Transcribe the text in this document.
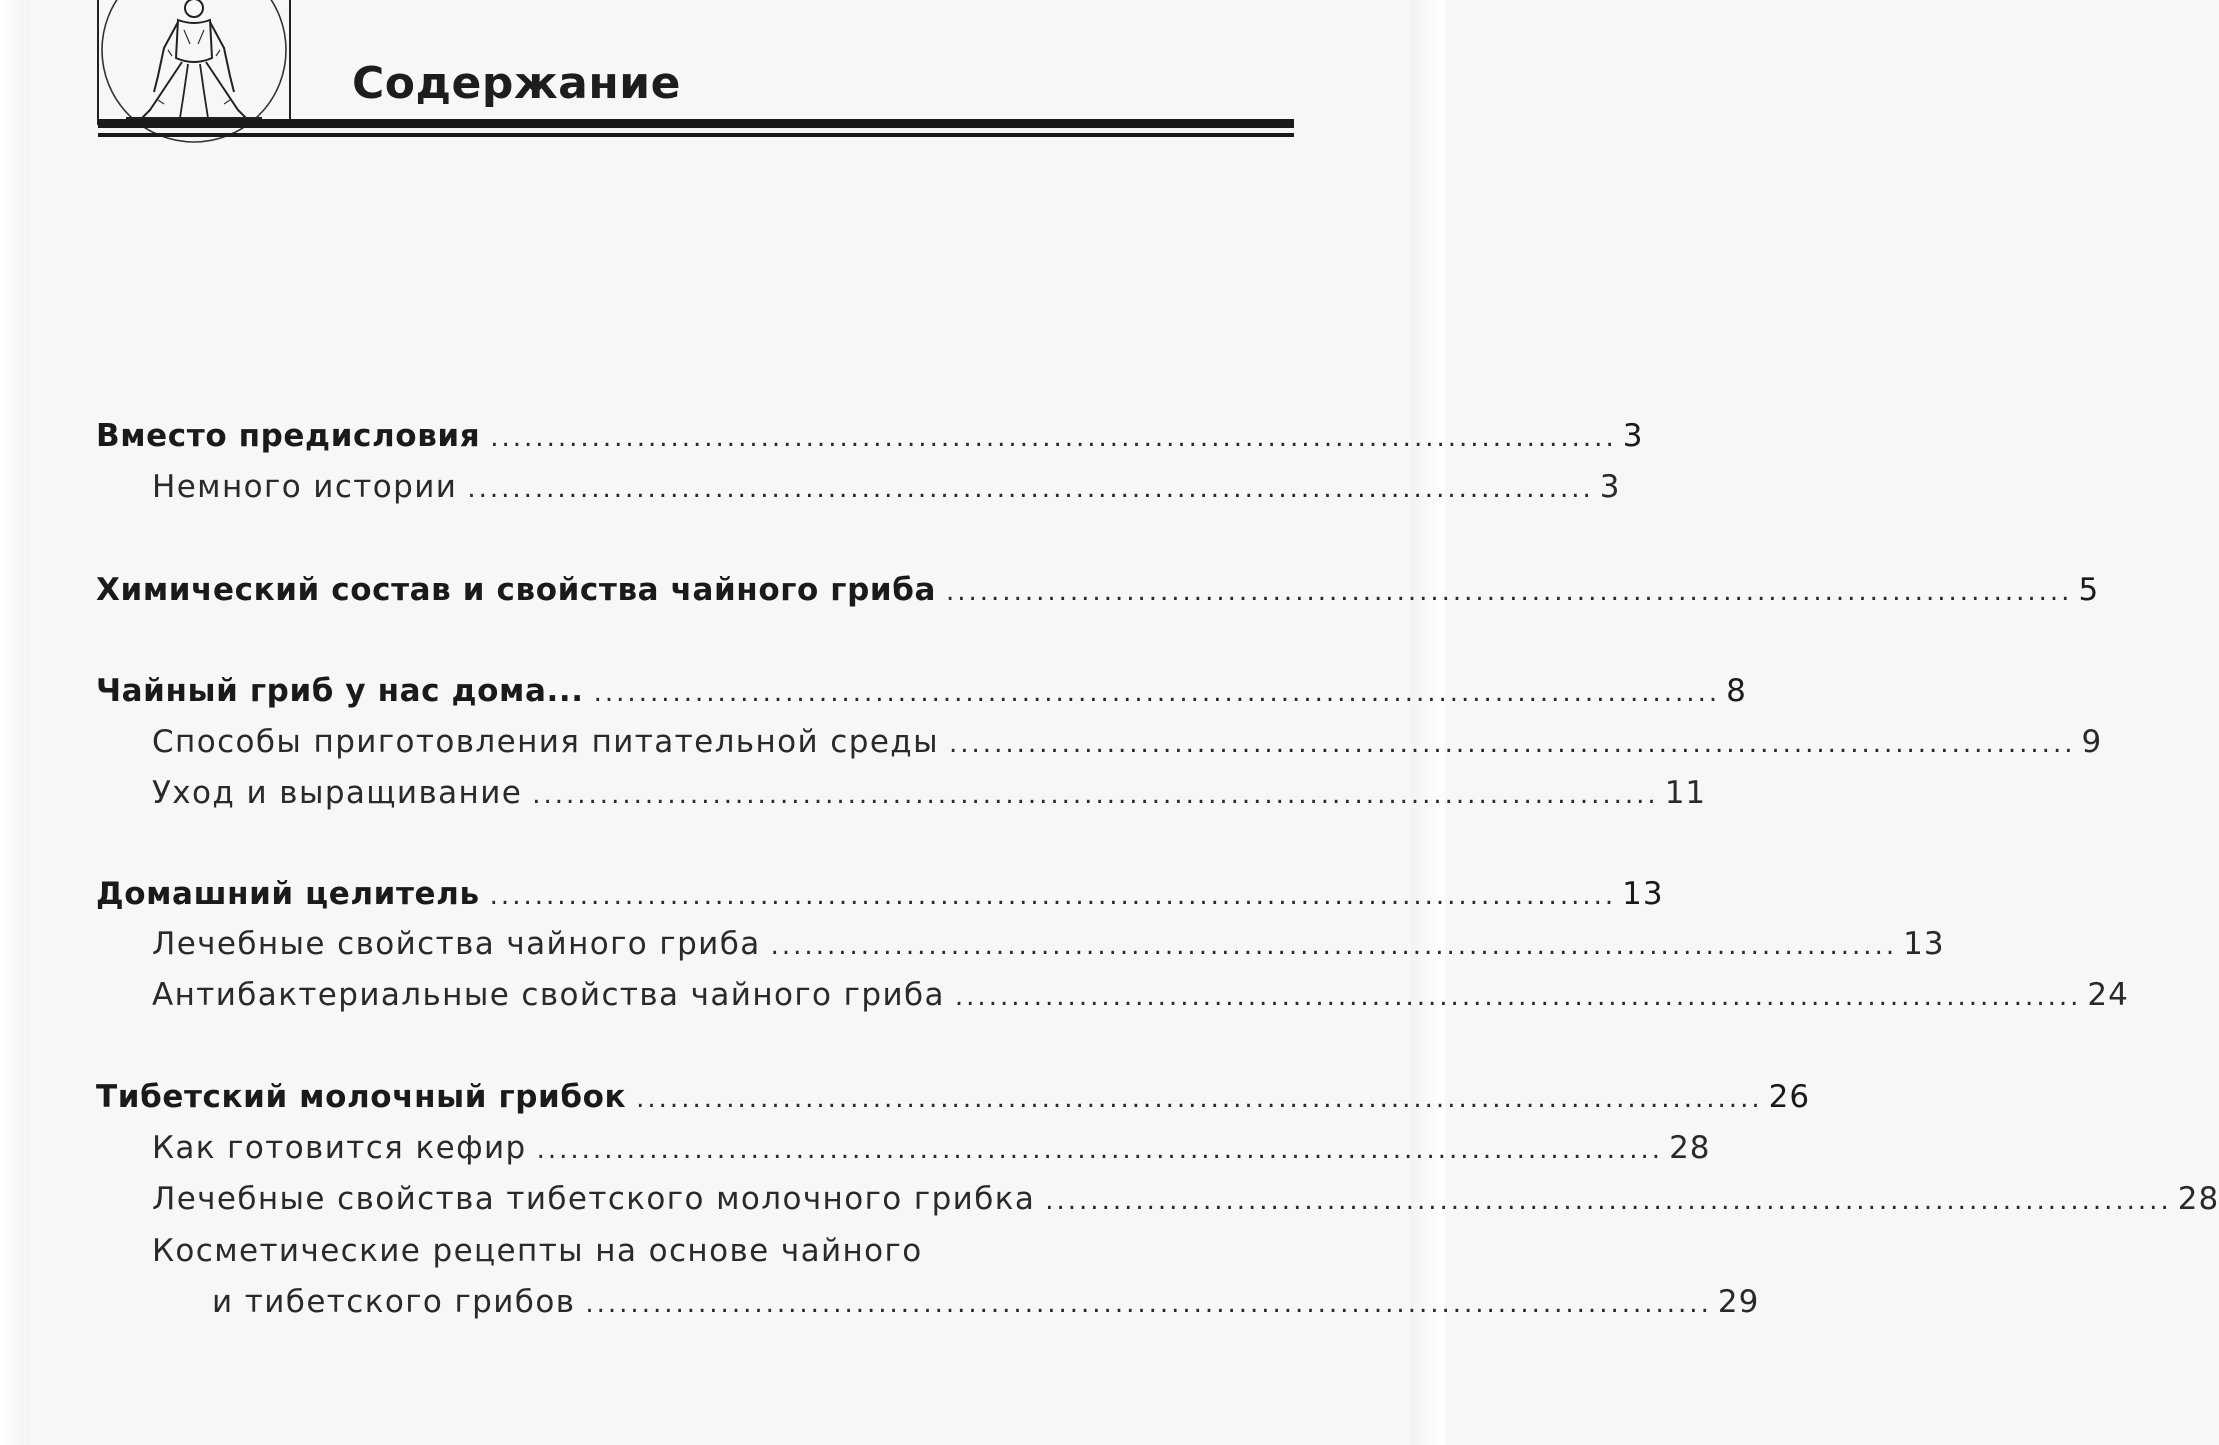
Содержание
Вместо предисловия .................................................................................................... 3
Немного истории .................................................................................................... 3
Химический состав и свойства чайного гриба .................................................................................................... 5
Чайный гриб у нас дома... .................................................................................................... 8
Способы приготовления питательной среды .................................................................................................... 9
Уход и выращивание .................................................................................................... 11
Домашний целитель .................................................................................................... 13
Лечебные свойства чайного гриба .................................................................................................... 13
Антибактериальные свойства чайного гриба .................................................................................................... 24
Тибетский молочный грибок .................................................................................................... 26
Как готовится кефир .................................................................................................... 28
Лечебные свойства тибетского молочного грибка .................................................................................................... 28
Косметические рецепты на основе чайного
и тибетского грибов .................................................................................................... 29
